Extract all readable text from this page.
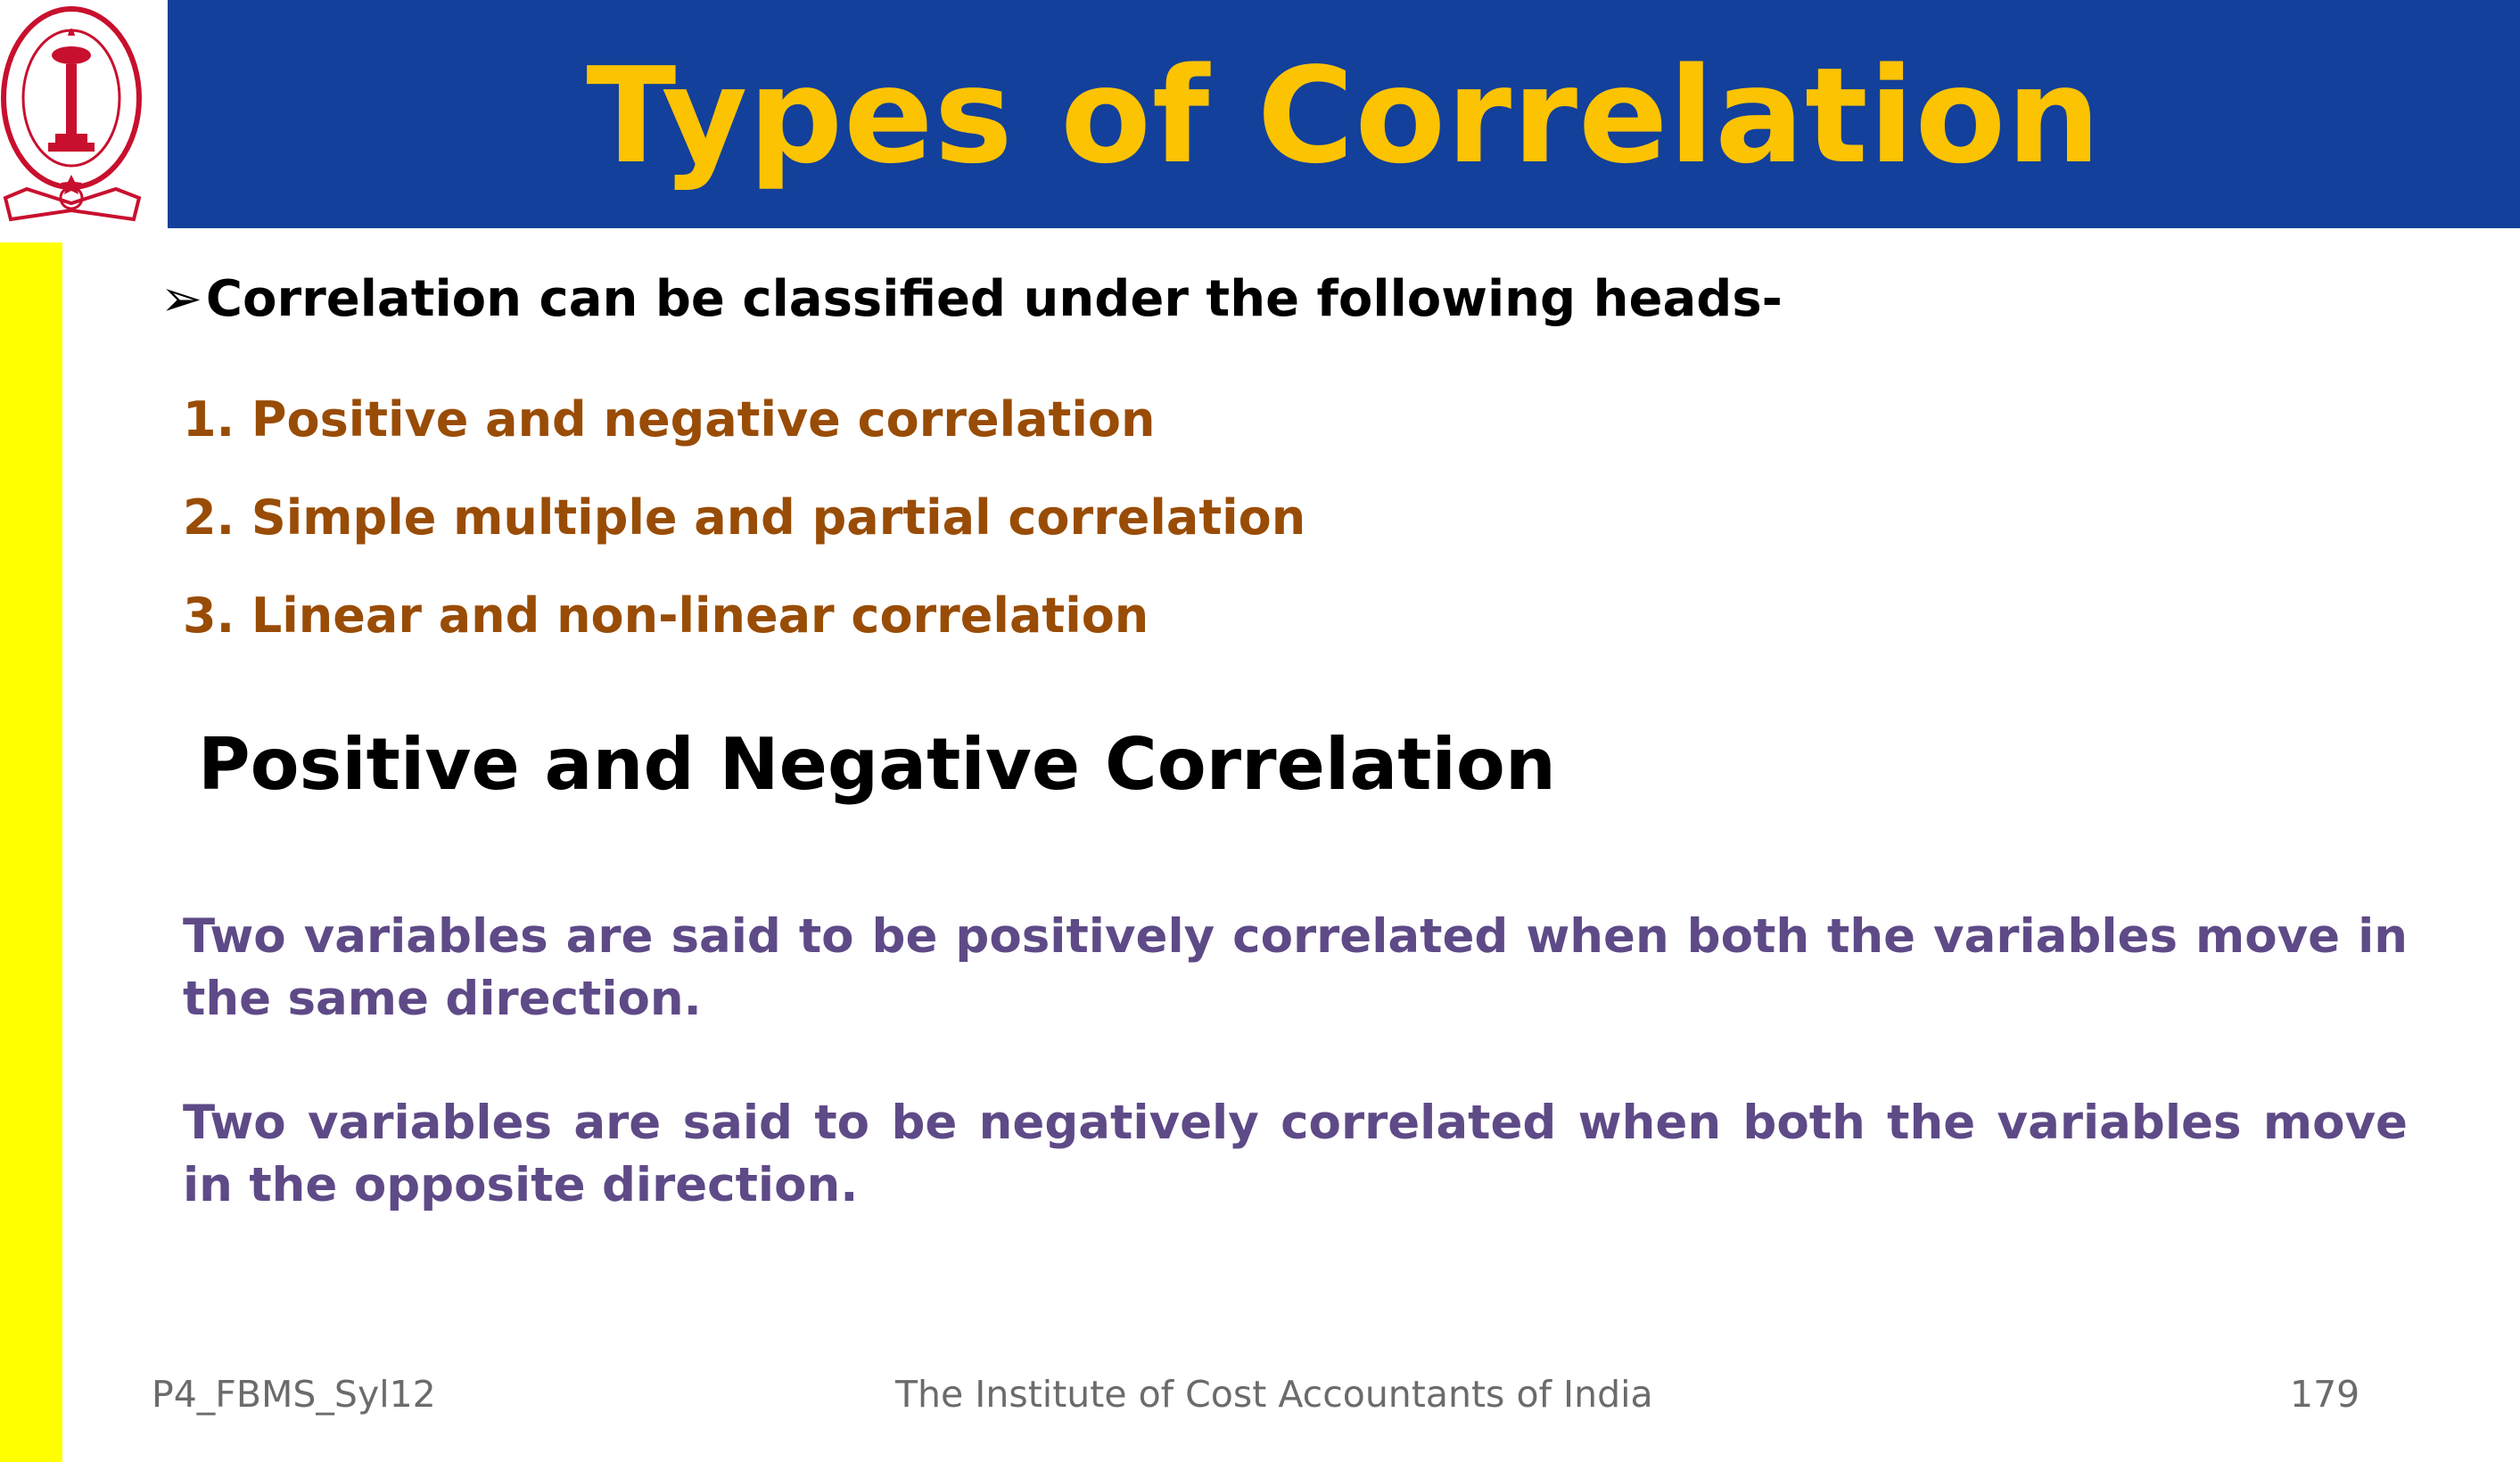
Types of Correlation
➢Correlation can be classified under the following heads-
1. Positive and negative correlation
2. Simple multiple and partial correlation
3. Linear and non-linear correlation
Positive and Negative Correlation
Two variables are said to be positively correlated when both the variables move in the same direction.
Two variables are said to be negatively correlated when both the variables move in the opposite direction.
P4_FBMS_Syl12	The Institute of Cost Accountants of India	179
